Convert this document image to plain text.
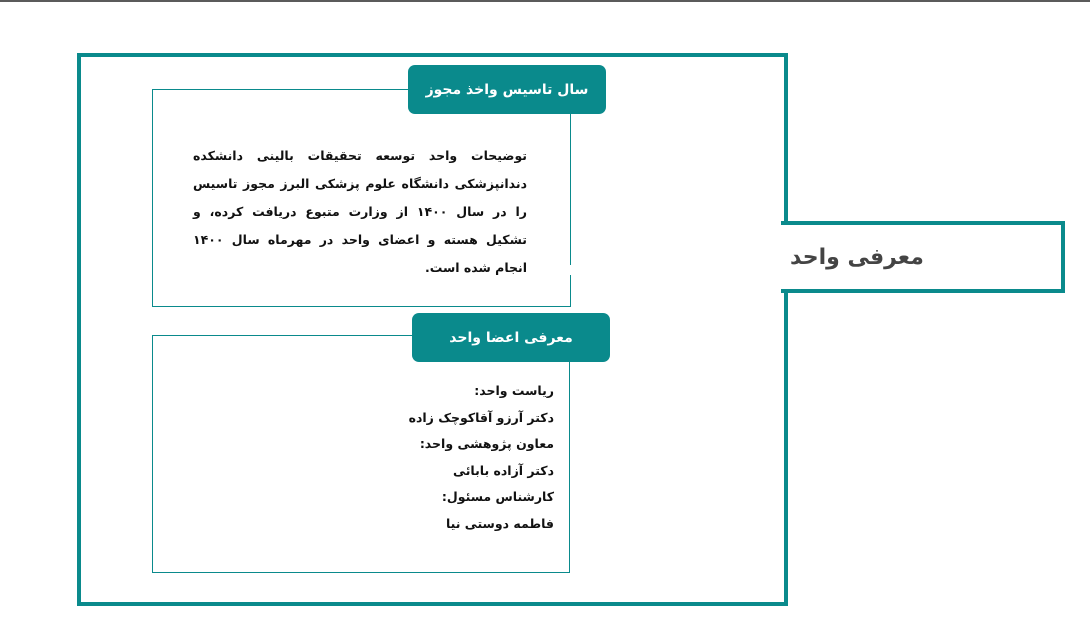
معرفی واحد
سال تاسیس واخذ مجوز
توضیحات واحد توسعه تحقیقات بالینی دانشکده دندانپزشکی دانشگاه علوم پزشکی البرز مجوز تاسیس را در سال ۱۴۰۰ از وزارت متبوع دریافت کرده، و تشکیل هسته و اعضای واحد در مهرماه سال ۱۴۰۰ انجام شده است.
معرفی اعضا واحد
ریاست واحد:
دکتر آرزو آقاکوچک زاده
معاون پژوهشی واحد:
دکتر آزاده بابائی
کارشناس مسئول:
فاطمه دوستی نیا
